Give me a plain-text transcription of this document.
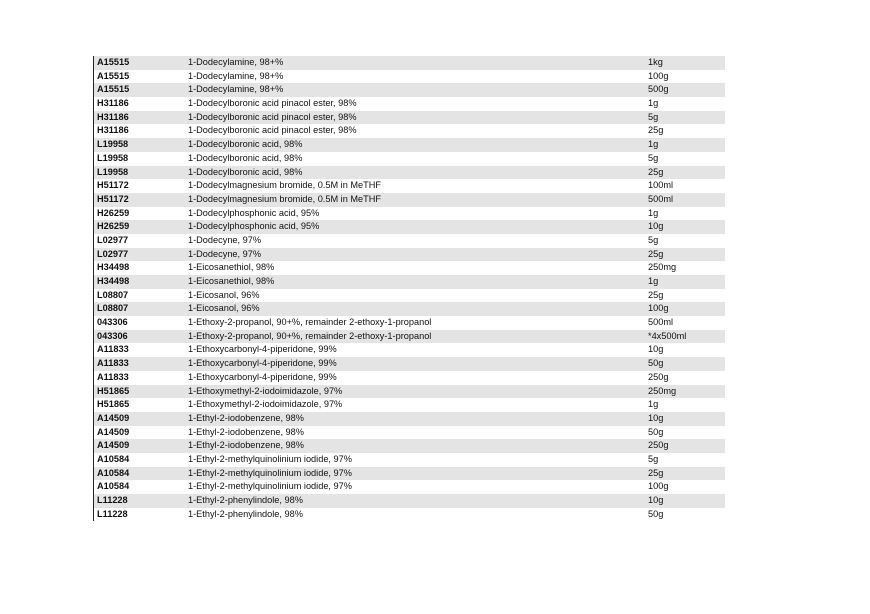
A15515	1-Dodecylamine, 98+%	1kg
A15515	1-Dodecylamine, 98+%	100g
A15515	1-Dodecylamine, 98+%	500g
H31186	1-Dodecylboronic acid pinacol ester, 98%	1g
H31186	1-Dodecylboronic acid pinacol ester, 98%	5g
H31186	1-Dodecylboronic acid pinacol ester, 98%	25g
L19958	1-Dodecylboronic acid, 98%	1g
L19958	1-Dodecylboronic acid, 98%	5g
L19958	1-Dodecylboronic acid, 98%	25g
H51172	1-Dodecylmagnesium bromide, 0.5M in MeTHF	100ml
H51172	1-Dodecylmagnesium bromide, 0.5M in MeTHF	500ml
H26259	1-Dodecylphosphonic acid, 95%	1g
H26259	1-Dodecylphosphonic acid, 95%	10g
L02977	1-Dodecyne, 97%	5g
L02977	1-Dodecyne, 97%	25g
H34498	1-Eicosanethiol, 98%	250mg
H34498	1-Eicosanethiol, 98%	1g
L08807	1-Eicosanol, 96%	25g
L08807	1-Eicosanol, 96%	100g
043306	1-Ethoxy-2-propanol, 90+%, remainder 2-ethoxy-1-propanol	500ml
043306	1-Ethoxy-2-propanol, 90+%, remainder 2-ethoxy-1-propanol	*4x500ml
A11833	1-Ethoxycarbonyl-4-piperidone, 99%	10g
A11833	1-Ethoxycarbonyl-4-piperidone, 99%	50g
A11833	1-Ethoxycarbonyl-4-piperidone, 99%	250g
H51865	1-Ethoxymethyl-2-iodoimidazole, 97%	250mg
H51865	1-Ethoxymethyl-2-iodoimidazole, 97%	1g
A14509	1-Ethyl-2-iodobenzene, 98%	10g
A14509	1-Ethyl-2-iodobenzene, 98%	50g
A14509	1-Ethyl-2-iodobenzene, 98%	250g
A10584	1-Ethyl-2-methylquinolinium iodide, 97%	5g
A10584	1-Ethyl-2-methylquinolinium iodide, 97%	25g
A10584	1-Ethyl-2-methylquinolinium iodide, 97%	100g
L11228	1-Ethyl-2-phenylindole, 98%	10g
L11228	1-Ethyl-2-phenylindole, 98%	50g
